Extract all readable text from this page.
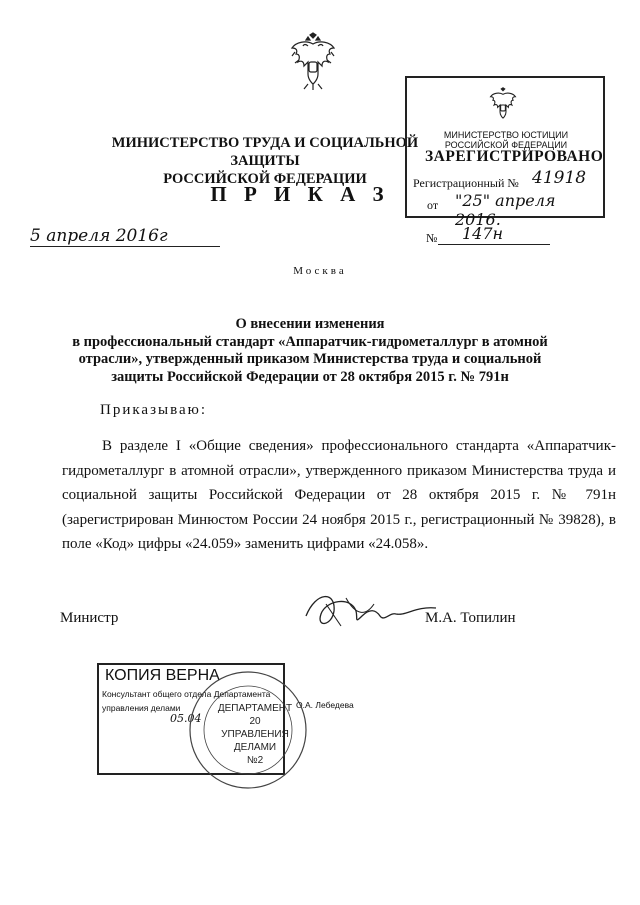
МИНИСТЕРСТВО ТРУДА И СОЦИАЛЬНОЙ ЗАЩИТЫ
РОССИЙСКОЙ ФЕДЕРАЦИИ
П Р И К А З
5 апреля 2016г	№ 147н
Москва
МИНИСТЕРСТВО ЮСТИЦИИ РОССИЙСКОЙ ФЕДЕРАЦИИ
ЗАРЕГИСТРИРОВАНО
Регистрационный № 41918
от "25" апреля 2016.
О внесении изменения
в профессиональный стандарт «Аппаратчик-гидрометаллург в атомной отрасли», утвержденный приказом Министерства труда и социальной защиты Российской Федерации от 28 октября 2015 г. № 791н
Приказываю:
В разделе I «Общие сведения» профессионального стандарта «Аппаратчик-гидрометаллург в атомной отрасли», утвержденного приказом Министерства труда и социальной защиты Российской Федерации от 28 октября 2015 г. № 791н (зарегистрирован Минюстом России 24 ноября 2015 г., регистрационный № 39828), в поле «Код» цифры «24.059» заменить цифрами «24.058».
Министр	М.А. Топилин
КОПИЯ ВЕРНА
Консультант общего отдела Департамента
управления делами	О.А. Лебедева
05.04
ДЕПАРТАМЕНТ
20
УПРАВЛЕНИЯ
ДЕЛАМИ
№2
